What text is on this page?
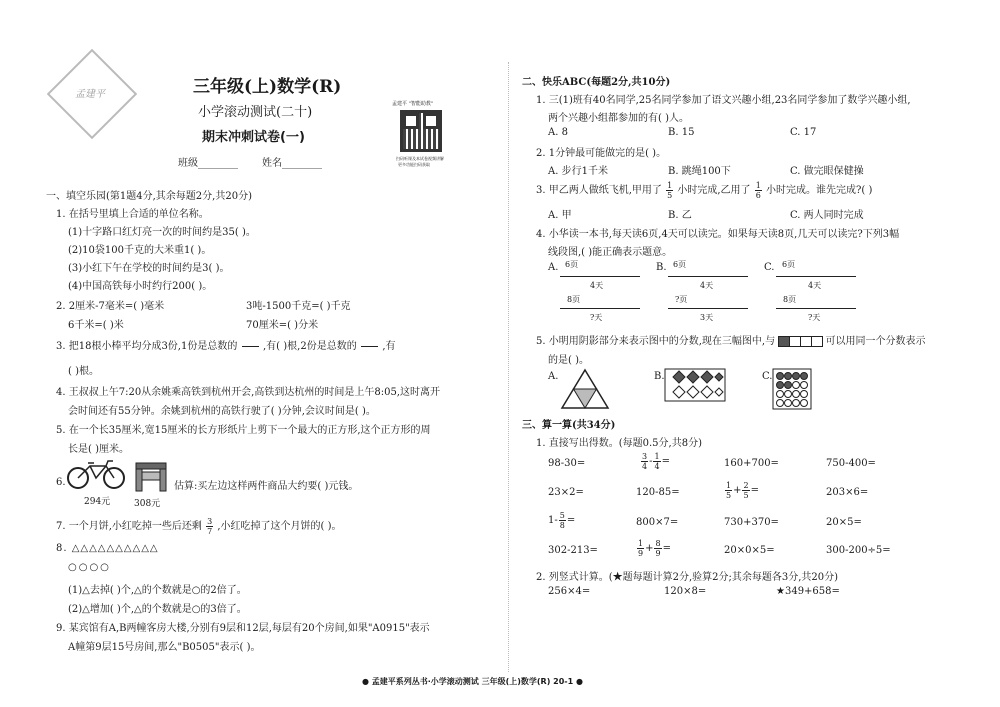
孟建平	三年级(上)数学(R)
小学滚动测试(二十)
期末冲刺试卷(一)
班级________ 姓名________
孟建平 "智能助教"
扫码听课及本试卷视频讲解
更多功能扫码获取
一、填空乐园(第1题4分,其余每题2分,共20分)
1. 在括号里填上合适的单位名称。
(1)十字路口红灯亮一次的时间约是35( )。
(2)10袋100千克的大米重1( )。
(3)小红下午在学校的时间约是3( )。
(4)中国高铁每小时约行200( )。
2. 2厘米-7毫米=( )毫米	3吨-1500千克=( )千克
6千米=( )米	70厘米=( )分米
3. 把18根小棒平均分成3份,1份是总数的

	,有( )根,2份是总数的

	,有
( )根。
4. 王叔叔上午7:20从余姚乘高铁到杭州开会,高铁到达杭州的时间是上午8:05,这时离开
会时间还有55分钟。余姚到杭州的高铁行驶了( )分钟,会议时间是( )。
5. 在一个长35厘米,宽15厘米的长方形纸片上剪下一个最大的正方形,这个正方形的周
长是( )厘米。
6.
294元	308元
估算:买左边这样两件商品大约要( )元钱。
7. 一个月饼,小红吃掉一些后还剩 $\frac{3}{7}$ ,小红吃掉了这个月饼的( )。
8. △△△△△△△△△△
○○○○
(1)△去掉( )个,△的个数就是○的2倍了。
(2)△增加( )个,△的个数就是○的3倍了。
9. 某宾馆有A,B两幢客房大楼,分别有9层和12层,每层有20个房间,如果"A0915"表示
A幢第9层15号房间,那么"B0505"表示( )。
二、快乐ABC(每题2分,共10分)
1. 三(1)班有40名同学,25名同学参加了语文兴趣小组,23名同学参加了数学兴趣小组,
两个兴趣小组都参加的有( )人。
A. 8	B. 15	C. 17
2. 1分钟最可能做完的是( )。
A. 步行1千米	B. 跳绳100下	C. 做完眼保健操
3. 甲乙两人做纸飞机,甲用了 $\frac{1}{5}$ 小时完成,乙用了 $\frac{1}{6}$ 小时完成。谁先完成?( )
A. 甲	B. 乙	C. 两人同时完成
4. 小华读一本书,每天读6页,4天可以读完。如果每天读8页,几天可以读完?下列3幅
线段图,( )能正确表示题意。
A. 6页
4天
8页
?天
B. 6页
4天
?页
3天
C. 6页
4天
8页
?天
5. 小明用阴影部分来表示图中的分数,现在三幅图中,与	可以用同一个分数表示
的是( )。
A.	B.	C.
三、算一算(共34分)
1. 直接写出得数。(每题0.5分,共8分)
98-30=	$\frac{3}{4} - \frac{1}{4}$ =	160+700=	750-400=
23×2=	120-85=	$\frac{1}{5} + \frac{2}{5}$ =	203×6=
$1- \frac{5}{8}$ =	800×7=	730+370=	20×5=
302-213=	$\frac{1}{9} + \frac{8}{9}$ =	20×0×5=	300-200÷5=
2. 列竖式计算。(★题每题计算2分,验算2分;其余每题各3分,共20分)
256×4=	120×8=	★349+658=
● 孟建平系列丛书·小学滚动测试 三年级(上)数学(R) 20-1 ●
